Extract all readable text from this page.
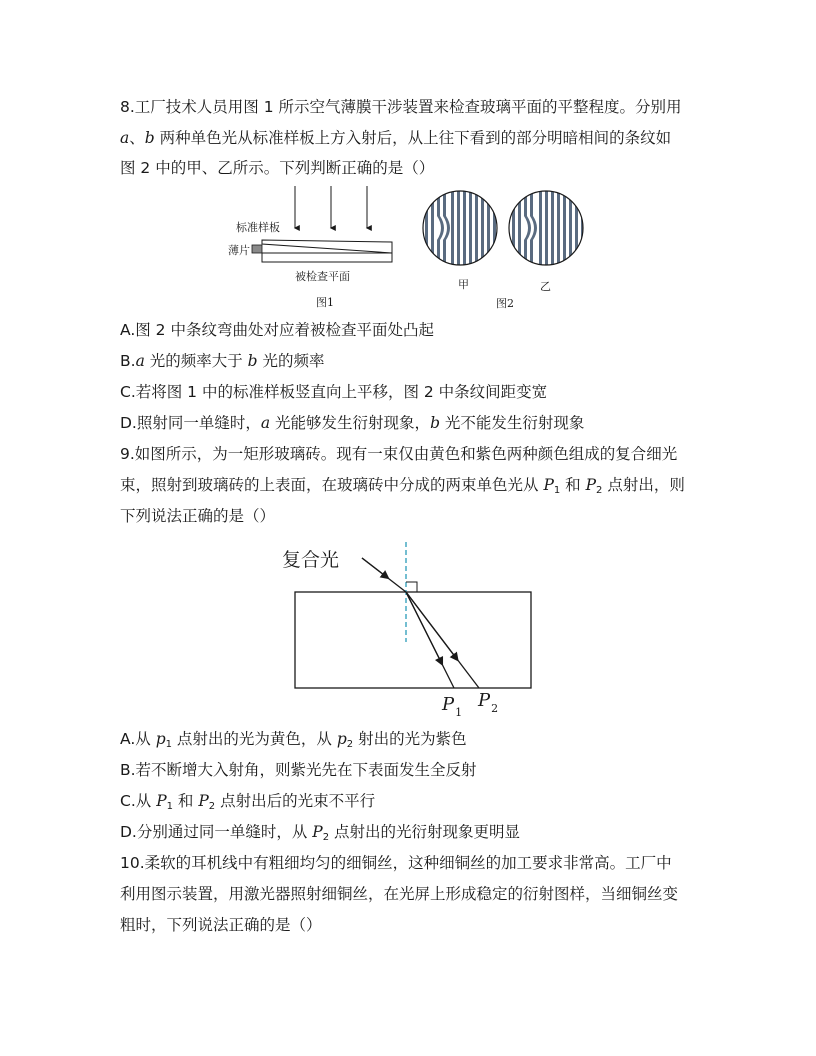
8.工厂技术人员用图 1 所示空气薄膜干涉装置来检查玻璃平面的平整程度。分别用
a、b 两种单色光从标准样板上方入射后，从上往下看到的部分明暗相间的条纹如
图 2 中的甲、乙所示。下列判断正确的是（）
标准样板
薄片
被检查平面
图1
甲	乙
图2
A.图 2 中条纹弯曲处对应着被检查平面处凸起
B.a 光的频率大于 b 光的频率
C.若将图 1 中的标准样板竖直向上平移，图 2 中条纹间距变宽
D.照射同一单缝时，a 光能够发生衍射现象，b 光不能发生衍射现象
9.如图所示，为一矩形玻璃砖。现有一束仅由黄色和紫色两种颜色组成的复合细光
束，照射到玻璃砖的上表面，在玻璃砖中分成的两束单色光从 $P_1$ 和 $P_2$ 点射出，则
下列说法正确的是（）
复合光
$P_1$
$P_2$
A.从 $p_1$ 点射出的光为黄色，从 $p_2$ 射出的光为紫色
B.若不断增大入射角，则紫光先在下表面发生全反射
C.从 $P_1$ 和 $P_2$ 点射出后的光束不平行
D.分别通过同一单缝时，从 $P_2$ 点射出的光衍射现象更明显
10.柔软的耳机线中有粗细均匀的细铜丝，这种细铜丝的加工要求非常高。工厂中
利用图示装置，用激光器照射细铜丝，在光屏上形成稳定的衍射图样，当细铜丝变
粗时，下列说法正确的是（）
